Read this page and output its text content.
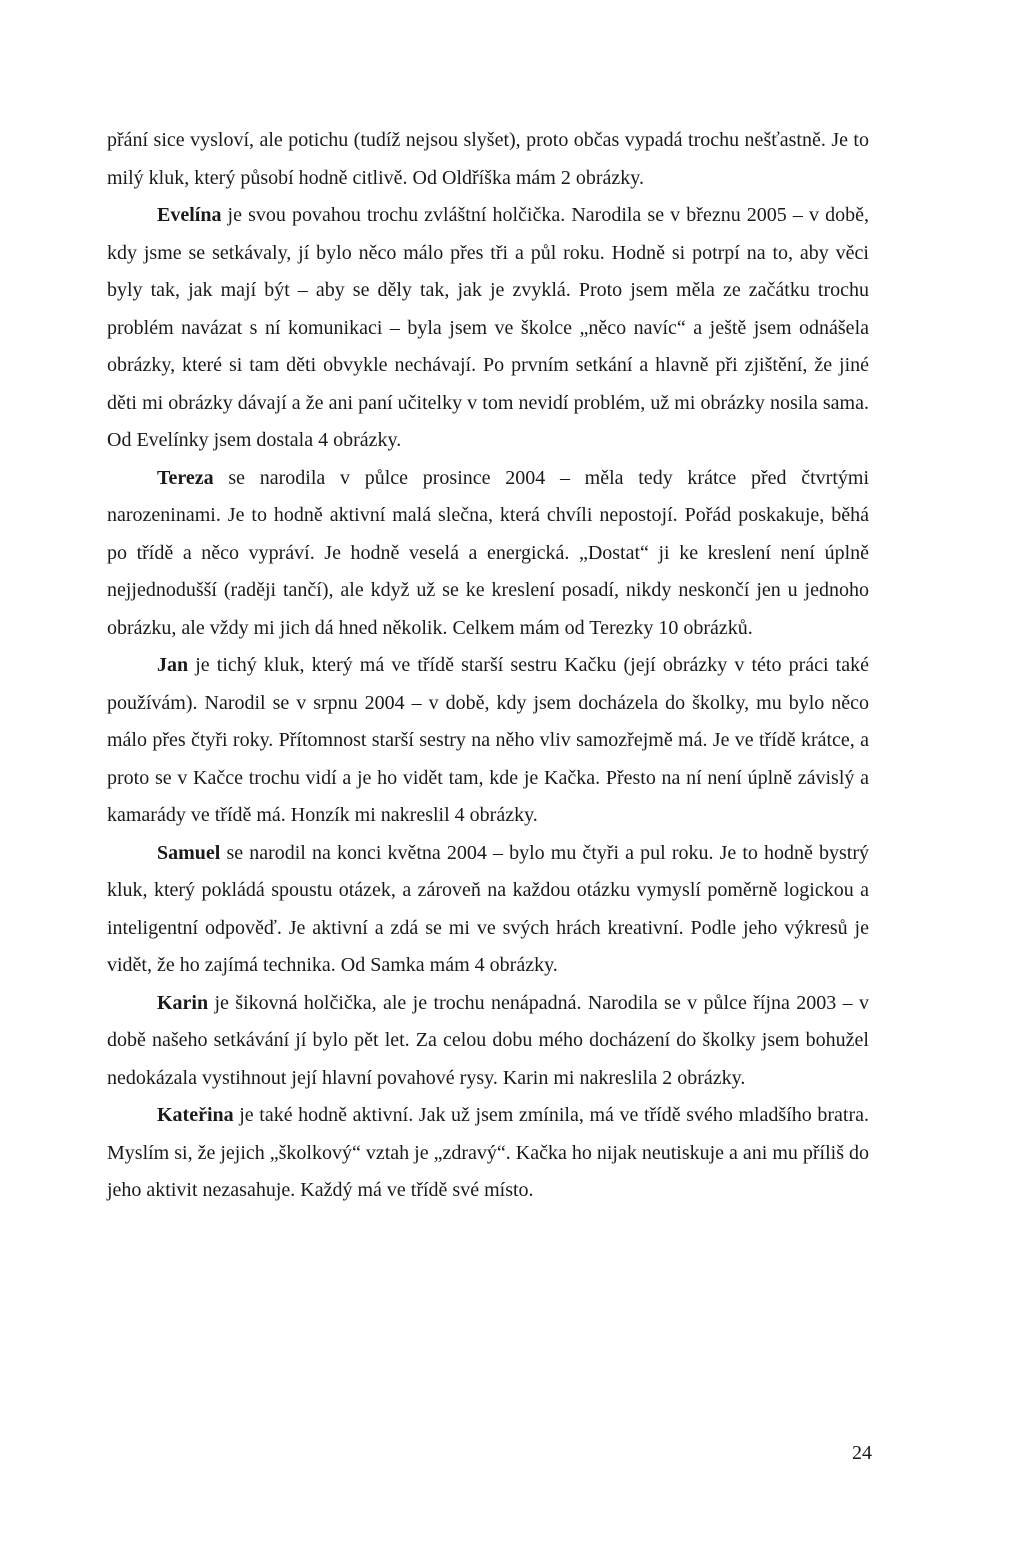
přání sice vysloví, ale potichu (tudíž nejsou slyšet), proto občas vypadá trochu nešťastně. Je to milý kluk, který působí hodně citlivě. Od Oldříška mám 2 obrázky.

Evelína je svou povahou trochu zvláštní holčička. Narodila se v březnu 2005 – v době, kdy jsme se setkávaly, jí bylo něco málo přes tři a půl roku. Hodně si potrpí na to, aby věci byly tak, jak mají být – aby se děly tak, jak je zvyklá. Proto jsem měla ze začátku trochu problém navázat s ní komunikaci – byla jsem ve školce „něco navíc“ a ještě jsem odnášela obrázky, které si tam děti obvykle nechávají. Po prvním setkání a hlavně při zjištění, že jiné děti mi obrázky dávají a že ani paní učitelky v tom nevidí problém, už mi obrázky nosila sama. Od Evelínky jsem dostala 4 obrázky.

Tereza se narodila v půlce prosince 2004 – měla tedy krátce před čtvrtými narozeninami. Je to hodně aktivní malá slečna, která chvíli nepostojí. Pořád poskakuje, běhá po třídě a něco vypráví. Je hodně veselá a energická. „Dostat“ ji ke kreslení není úplně nejjednodušší (raději tančí), ale když už se ke kreslení posadí, nikdy neskončí jen u jednoho obrázku, ale vždy mi jich dá hned několik. Celkem mám od Terezky 10 obrázků.

Jan je tichý kluk, který má ve třídě starší sestru Kačku (její obrázky v této práci také používám). Narodil se v srpnu 2004 – v době, kdy jsem docházela do školky, mu bylo něco málo přes čtyři roky. Přítomnost starší sestry na něho vliv samozřejmě má. Je ve třídě krátce, a proto se v Kačce trochu vidí a je ho vidět tam, kde je Kačka. Přesto na ní není úplně závislý a kamarády ve třídě má. Honzík mi nakreslil 4 obrázky.

Samuel se narodil na konci května 2004 – bylo mu čtyři a pul roku. Je to hodně bystrý kluk, který pokládá spoustu otázek, a zároveň na každou otázku vymyslí poměrně logickou a inteligentní odpověď. Je aktivní a zdá se mi ve svých hrách kreativní. Podle jeho výkresů je vidět, že ho zajímá technika. Od Samka mám 4 obrázky.

Karin je šikovná holčička, ale je trochu nenápadná. Narodila se v půlce října 2003 – v době našeho setkávání jí bylo pět let. Za celou dobu mého docházení do školky jsem bohužel nedokázala vystihnout její hlavní povahové rysy. Karin mi nakreslila 2 obrázky.

Kateřina je také hodně aktivní. Jak už jsem zmínila, má ve třídě svého mladšího bratra. Myslím si, že jejich „školkový“ vztah je „zdravý“. Kačka ho nijak neutiskuje a ani mu příliš do jeho aktivit nezasahuje. Každý má ve třídě své místo.

24
